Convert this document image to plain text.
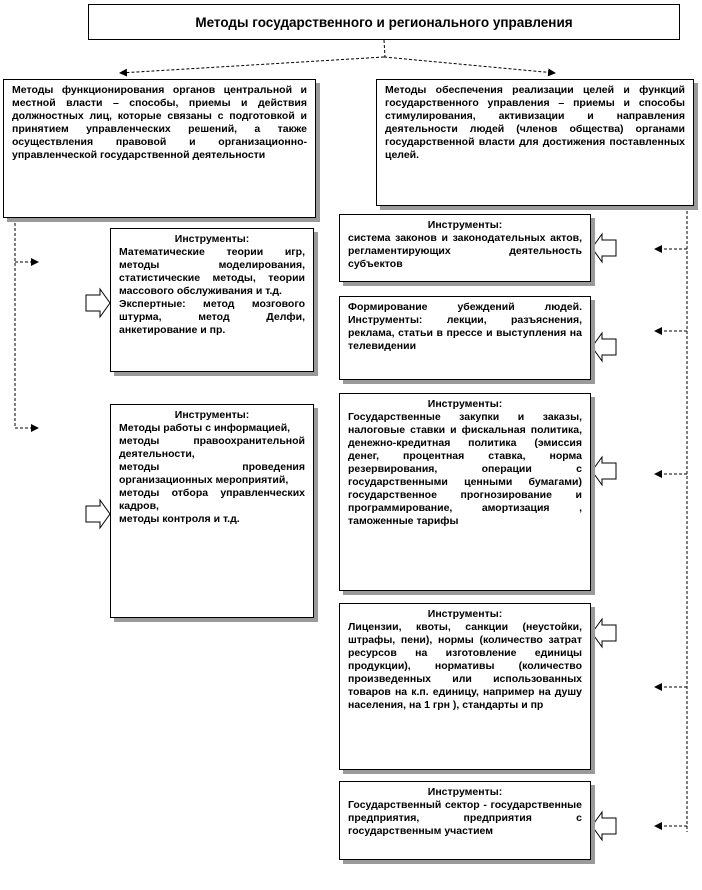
Методы государственного и регионального управления
Методы функционирования органов центральной и местной власти – способы, приемы и действия должностных лиц, которые связаны с подготовкой и принятием управленческих решений, а также осуществления правовой и организационно-управленческой государственной деятельности
Методы обеспечения реализации целей и функций государственного управления – приемы и способы стимулирования, активизации и направления деятельности людей (членов общества) органами государственной власти для достижения поставленных целей.
Инструменты:
Математические теории игр, методы моделирования, статистические методы, теории массового обслуживания и т.д.
Экспертные: метод мозгового штурма, метод Делфи, анкетирование и пр.
Инструменты:
Методы работы с информацией,
методы правоохранительной деятельности,
методы проведения организационных мероприятий,
методы отбора управленческих кадров,
методы контроля и т.д.
Инструменты:
система законов и законодательных актов, регламентирующих деятельность субъектов
Формирование убеждений людей. Инструменты: лекции, разъяснения, реклама, статьи в прессе и выступления на телевидении
Инструменты:
Государственные закупки и заказы, налоговые ставки и фискальная политика, денежно-кредитная политика (эмиссия денег, процентная ставка, норма резервирования, операции с государственными ценными бумагами) государственное прогнозирование и программирование, амортизация , таможенные тарифы
Инструменты:
Лицензии, квоты, санкции (неустойки, штрафы, пени), нормы (количество затрат ресурсов на изготовление единицы продукции), нормативы (количество произведенных или использованных товаров на к.п. единицу, например на душу населения, на 1 грн ), стандарты и пр
Инструменты:
Государственный сектор - государственные предприятия, предприятия с государственным участием
